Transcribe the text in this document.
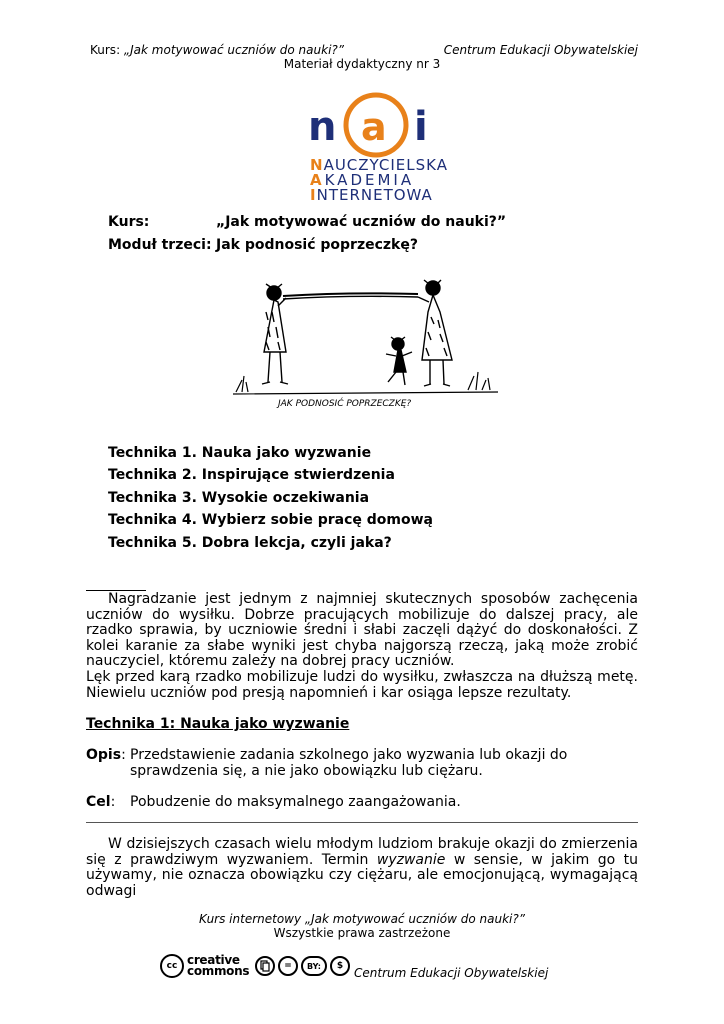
Kurs: „Jak motywować uczniów do nauki?”	Centrum Edukacji Obywatelskiej
Materiał dydaktyczny nr 3
n a i
NAUCZYCIELSKA
AKADEMIA
INTERNETOWA
Kurs:	„Jak motywować uczniów do nauki?”
Moduł trzeci: Jak podnosić poprzeczkę?
JAK PODNOSIĆ POPRZECZKĘ?
Technika 1. Nauka jako wyzwanie
Technika 2. Inspirujące stwierdzenia
Technika 3. Wysokie oczekiwania
Technika 4. Wybierz sobie pracę domową
Technika 5. Dobra lekcja, czyli jaka?
Nagradzanie jest jednym z najmniej skutecznych sposobów zachęcenia uczniów do wysiłku. Dobrze pracujących mobilizuje do dalszej pracy, ale rzadko sprawia, by uczniowie średni i słabi zaczęli dążyć do doskonałości. Z kolei karanie za słabe wyniki jest chyba najgorszą rzeczą, jaką może zrobić nauczyciel, któremu zależy na dobrej pracy uczniów.
Lęk przed karą rzadko mobilizuje ludzi do wysiłku, zwłaszcza na dłuższą metę. Niewielu uczniów pod presją napomnień i kar osiąga lepsze rezultaty.
Technika 1: Nauka jako wyzwanie
Opis: Przedstawienie zadania szkolnego jako wyzwania lub okazji do sprawdzenia się, a nie jako obowiązku lub ciężaru.
Cel:	Pobudzenie do maksymalnego zaangażowania.
W dzisiejszych czasach wielu młodym ludziom brakuje okazji do zmierzenia się z prawdziwym wyzwaniem. Termin wyzwanie w sensie, w jakim go tu używamy, nie oznacza obowiązku czy ciężaru, ale emocjonującą, wymagającą odwagi
Kurs internetowy „Jak motywować uczniów do nauki?”
Wszystkie prawa zastrzeżone
cc creative commons	=	BY:	$ Centrum Edukacji Obywatelskiej
